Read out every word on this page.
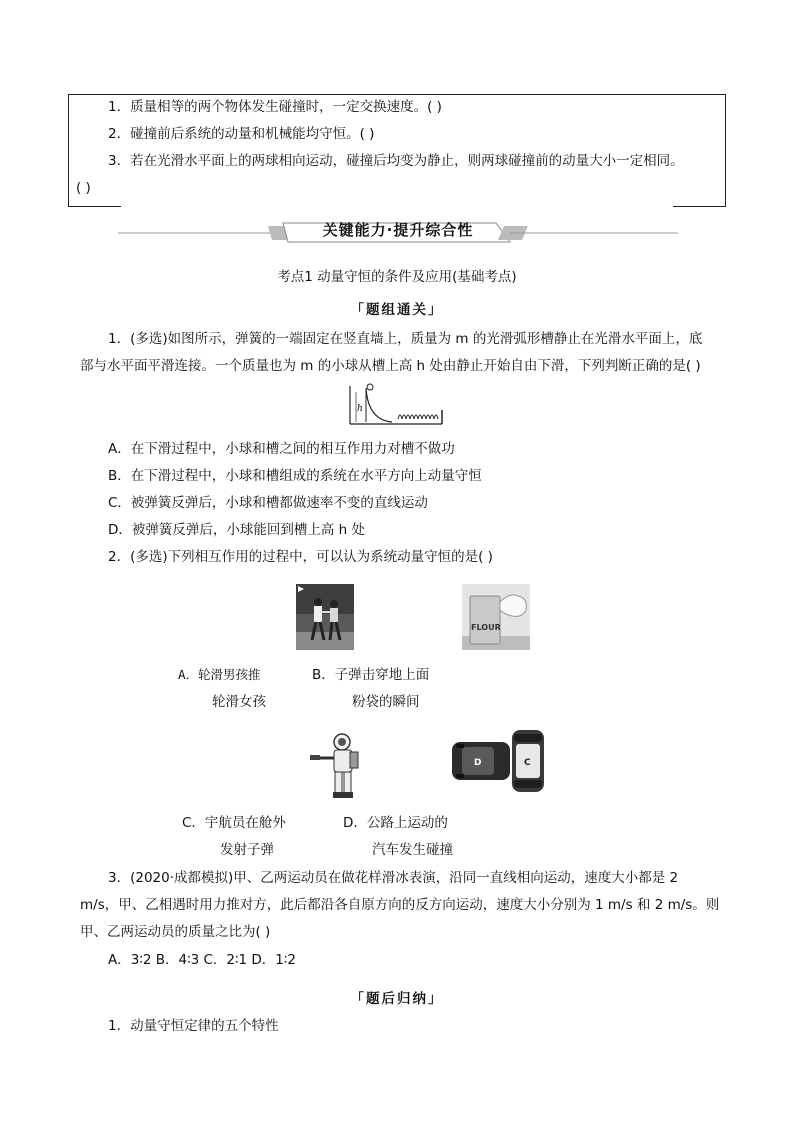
1．质量相等的两个物体发生碰撞时，一定交换速度。( )
2．碰撞前后系统的动量和机械能均守恒。( )
3．若在光滑水平面上的两球相向运动，碰撞后均变为静止，则两球碰撞前的动量大小一定相同。
( )
关键能力·提升综合性
考点1 动量守恒的条件及应用(基础考点)
「题组通关」
1．(多选)如图所示，弹簧的一端固定在竖直墙上，质量为 m 的光滑弧形槽静止在光滑水平面上，底
部与水平面平滑连接。一个质量也为 m 的小球从槽上高 h 处由静止开始自由下滑，下列判断正确的是( )
h
A．在下滑过程中，小球和槽之间的相互作用力对槽不做功
B．在下滑过程中，小球和槽组成的系统在水平方向上动量守恒
C．被弹簧反弹后，小球和槽都做速率不变的直线运动
D．被弹簧反弹后，小球能回到槽上高 h 处
2．(多选)下列相互作用的过程中，可以认为系统动量守恒的是( )
FLOUR
A．轮滑男孩推
轮滑女孩
B．子弹击穿地上面
粉袋的瞬间
D	C
C．宇航员在舱外
发射子弹
D．公路上运动的
汽车发生碰撞
3．(2020·成都模拟)甲、乙两运动员在做花样滑冰表演，沿同一直线相向运动，速度大小都是 2
m/s，甲、乙相遇时用力推对方，此后都沿各自原方向的反方向运动，速度大小分别为 1 m/s 和 2 m/s。则
甲、乙两运动员的质量之比为( )
A．3∶2 B．4∶3 C．2∶1 D．1∶2
「题后归纳」
1．动量守恒定律的五个特性
